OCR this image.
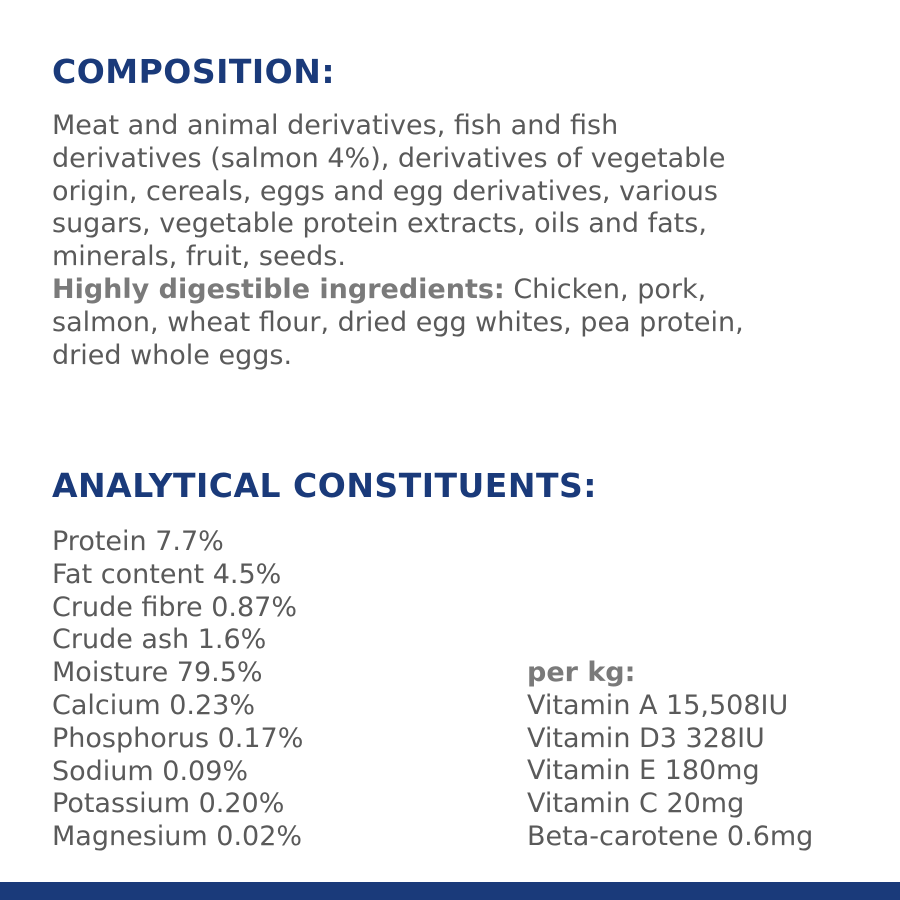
COMPOSITION:
Meat and animal derivatives, fish and fish
derivatives (salmon 4%), derivatives of vegetable
origin, cereals, eggs and egg derivatives, various
sugars, vegetable protein extracts, oils and fats,
minerals, fruit, seeds.
Highly digestible ingredients: Chicken, pork,
salmon, wheat flour, dried egg whites, pea protein,
dried whole eggs.
ANALYTICAL CONSTITUENTS:
Protein 7.7%
Fat content 4.5%
Crude fibre 0.87%
Crude ash 1.6%
Moisture 79.5%
Calcium 0.23%
Phosphorus 0.17%
Sodium 0.09%
Potassium 0.20%
Magnesium 0.02%
per kg:
Vitamin A 15,508IU
Vitamin D3 328IU
Vitamin E 180mg
Vitamin C 20mg
Beta-carotene 0.6mg
